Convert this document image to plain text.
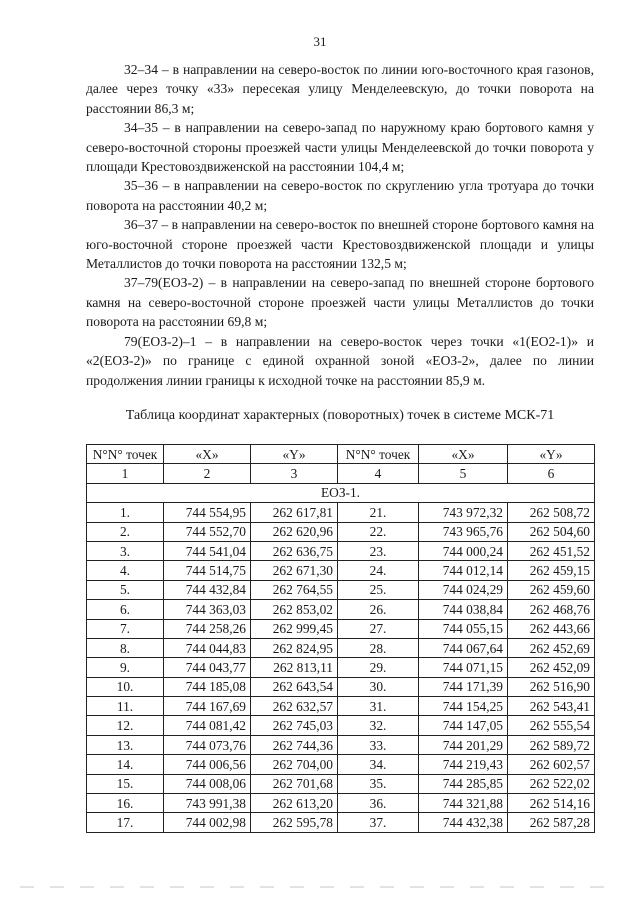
31

32–34 – в направлении на северо-восток по линии юго-восточного края газонов, далее через точку «33» пересекая улицу Менделеевскую, до точки поворота на расстоянии 86,3 м;

34–35 – в направлении на северо-запад по наружному краю бортового камня у северо-восточной стороны проезжей части улицы Менделеевской до точки поворота у площади Крестовоздвиженской на расстоянии 104,4 м;

35–36 – в направлении на северо-восток по скруглению угла тротуара до точки поворота на расстоянии 40,2 м;

36–37 – в направлении на северо-восток по внешней стороне бортового камня на юго-восточной стороне проезжей части Крестовоздвиженской площади и улицы Металлистов до точки поворота на расстоянии 132,5 м;

37–79(ЕОЗ-2) – в направлении на северо-запад по внешней стороне бортового камня на северо-восточной стороне проезжей части улицы Металлистов до точки поворота на расстоянии 69,8 м;

79(ЕОЗ-2)–1 – в направлении на северо-восток через точки «1(ЕО2-1)» и «2(ЕОЗ-2)» по границе с единой охранной зоной «ЕОЗ-2», далее по линии продолжения линии границы к исходной точке на расстоянии 85,9 м.

Таблица координат характерных (поворотных) точек в системе МСК-71
N°N° точек	«X»	«Y»	N°N° точек	«X»	«Y»
1	2	3	4	5	6
ЕОЗ-1.					
1.	744 554,95	262 617,81	21.	743 972,32	262 508,72
2.	744 552,70	262 620,96	22.	743 965,76	262 504,60
3.	744 541,04	262 636,75	23.	744 000,24	262 451,52
4.	744 514,75	262 671,30	24.	744 012,14	262 459,15
5.	744 432,84	262 764,55	25.	744 024,29	262 459,60
6.	744 363,03	262 853,02	26.	744 038,84	262 468,76
7.	744 258,26	262 999,45	27.	744 055,15	262 443,66
8.	744 044,83	262 824,95	28.	744 067,64	262 452,69
9.	744 043,77	262 813,11	29.	744 071,15	262 452,09
10.	744 185,08	262 643,54	30.	744 171,39	262 516,90
11.	744 167,69	262 632,57	31.	744 154,25	262 543,41
12.	744 081,42	262 745,03	32.	744 147,05	262 555,54
13.	744 073,76	262 744,36	33.	744 201,29	262 589,72
14.	744 006,56	262 704,00	34.	744 219,43	262 602,57
15.	744 008,06	262 701,68	35.	744 285,85	262 522,02
16.	743 991,38	262 613,20	36.	744 321,88	262 514,16
17.	744 002,98	262 595,78	37.	744 432,38	262 587,28
